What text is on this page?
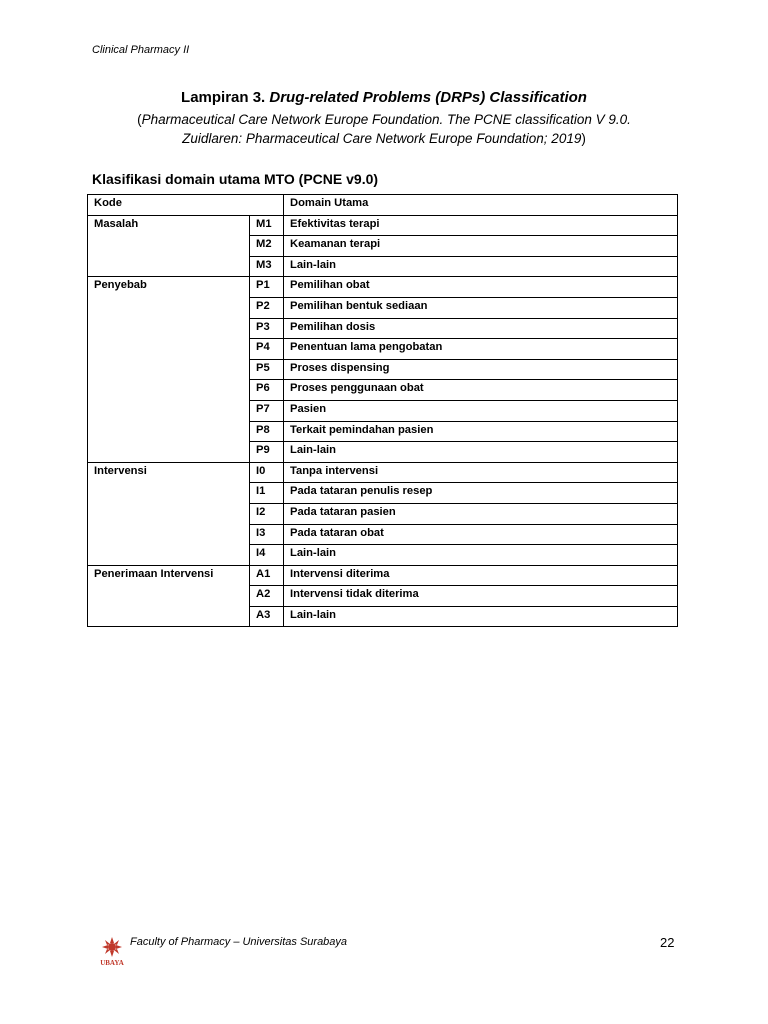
Clinical Pharmacy II
Lampiran 3. Drug-related Problems (DRPs) Classification
(Pharmaceutical Care Network Europe Foundation. The PCNE classification V 9.0.
Zuidlaren: Pharmaceutical Care Network Europe Foundation; 2019)
Klasifikasi domain utama MTO (PCNE v9.0)
Kode		Domain Utama
Masalah	M1	Efektivitas terapi
	M2	Keamanan terapi
	M3	Lain-lain
Penyebab	P1	Pemilihan obat
	P2	Pemilihan bentuk sediaan
	P3	Pemilihan dosis
	P4	Penentuan lama pengobatan
	P5	Proses dispensing
	P6	Proses penggunaan obat
	P7	Pasien
	P8	Terkait pemindahan pasien
	P9	Lain-lain
Intervensi	I0	Tanpa intervensi
	I1	Pada tataran penulis resep
	I2	Pada tataran pasien
	I3	Pada tataran obat
	I4	Lain-lain
Penerimaan Intervensi	A1	Intervensi diterima
	A2	Intervensi tidak diterima
	A3	Lain-lain
UBAYA
Faculty of Pharmacy – Universitas Surabaya	22
